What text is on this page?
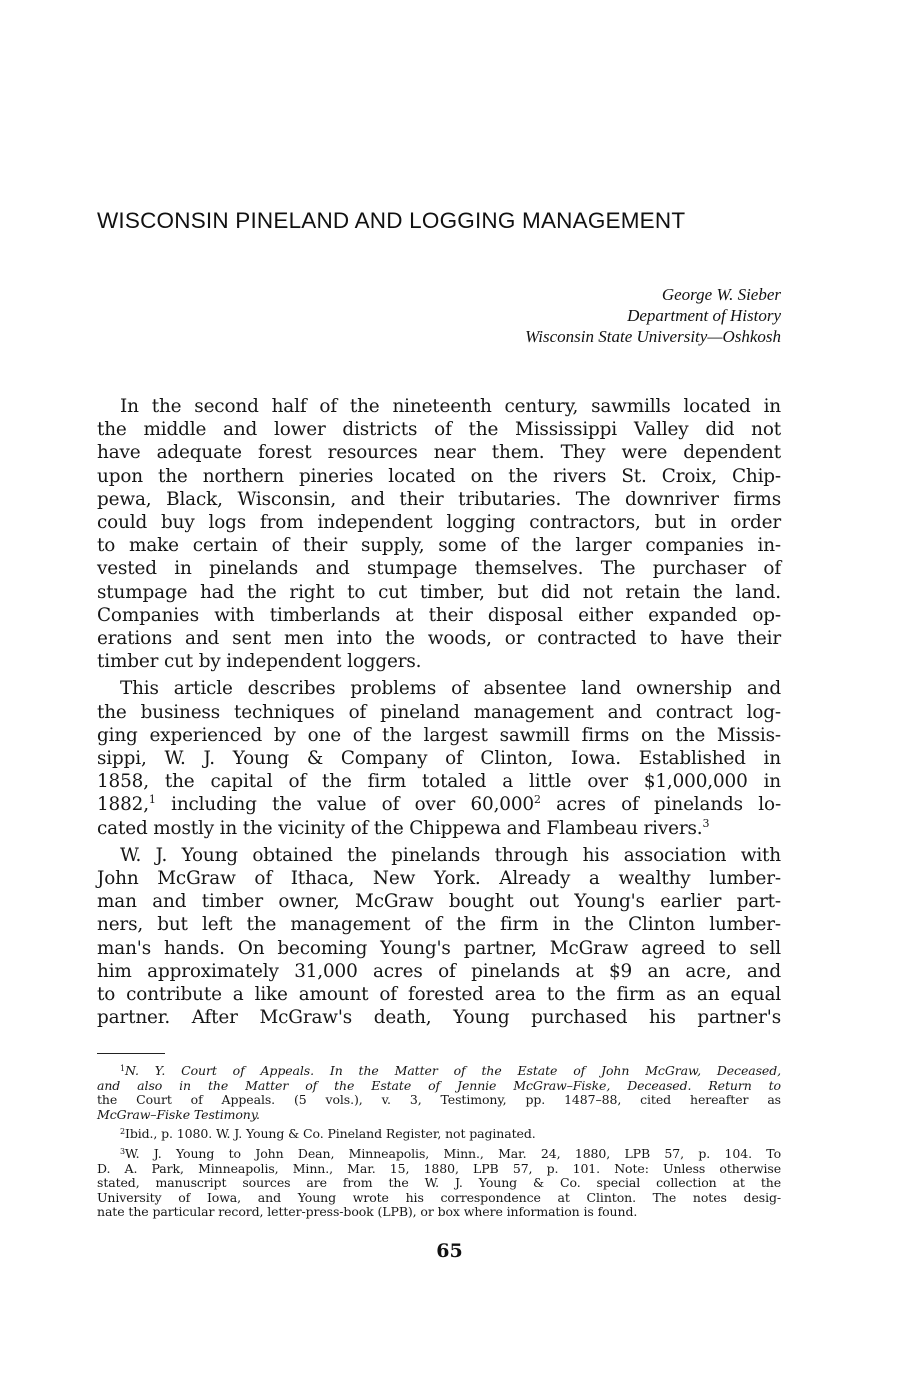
WISCONSIN PINELAND AND LOGGING MANAGEMENT
George W. Sieber
Department of History
Wisconsin State University—Oshkosh
In the second half of the nineteenth century, sawmills located in
the middle and lower districts of the Mississippi Valley did not
have adequate forest resources near them. They were dependent
upon the northern pineries located on the rivers St. Croix, Chip-
pewa, Black, Wisconsin, and their tributaries. The downriver firms
could buy logs from independent logging contractors, but in order
to make certain of their supply, some of the larger companies in-
vested in pinelands and stumpage themselves. The purchaser of
stumpage had the right to cut timber, but did not retain the land.
Companies with timberlands at their disposal either expanded op-
erations and sent men into the woods, or contracted to have their
timber cut by independent loggers.
This article describes problems of absentee land ownership and
the business techniques of pineland management and contract log-
ging experienced by one of the largest sawmill firms on the Missis-
sippi, W. J. Young & Company of Clinton, Iowa. Established in
1858, the capital of the firm totaled a little over $1,000,000 in
1882,$^1$ including the value of over 60,000$^2$ acres of pinelands lo-
cated mostly in the vicinity of the Chippewa and Flambeau rivers.$^3$
W. J. Young obtained the pinelands through his association with
John McGraw of Ithaca, New York. Already a wealthy lumber-
man and timber owner, McGraw bought out Young's earlier part-
ners, but left the management of the firm in the Clinton lumber-
man's hands. On becoming Young's partner, McGraw agreed to sell
him approximately 31,000 acres of pinelands at $9 an acre, and
to contribute a like amount of forested area to the firm as an equal
partner. After McGraw's death, Young purchased his partner's
$^1$N. Y. Court of Appeals. In the Matter of the Estate of John McGraw, Deceased,
and also in the Matter of the Estate of Jennie McGraw–Fiske, Deceased. Return to
the Court of Appeals. (5 vols.), v. 3, Testimony, pp. 1487–88, cited hereafter as
McGraw–Fiske Testimony.
$^2$Ibid., p. 1080. W. J. Young & Co. Pineland Register, not paginated.
$^3$W. J. Young to John Dean, Minneapolis, Minn., Mar. 24, 1880, LPB 57, p. 104. To
D. A. Park, Minneapolis, Minn., Mar. 15, 1880, LPB 57, p. 101. Note: Unless otherwise
stated, manuscript sources are from the W. J. Young & Co. special collection at the
University of Iowa, and Young wrote his correspondence at Clinton. The notes desig-
nate the particular record, letter-press-book (LPB), or box where information is found.
65
